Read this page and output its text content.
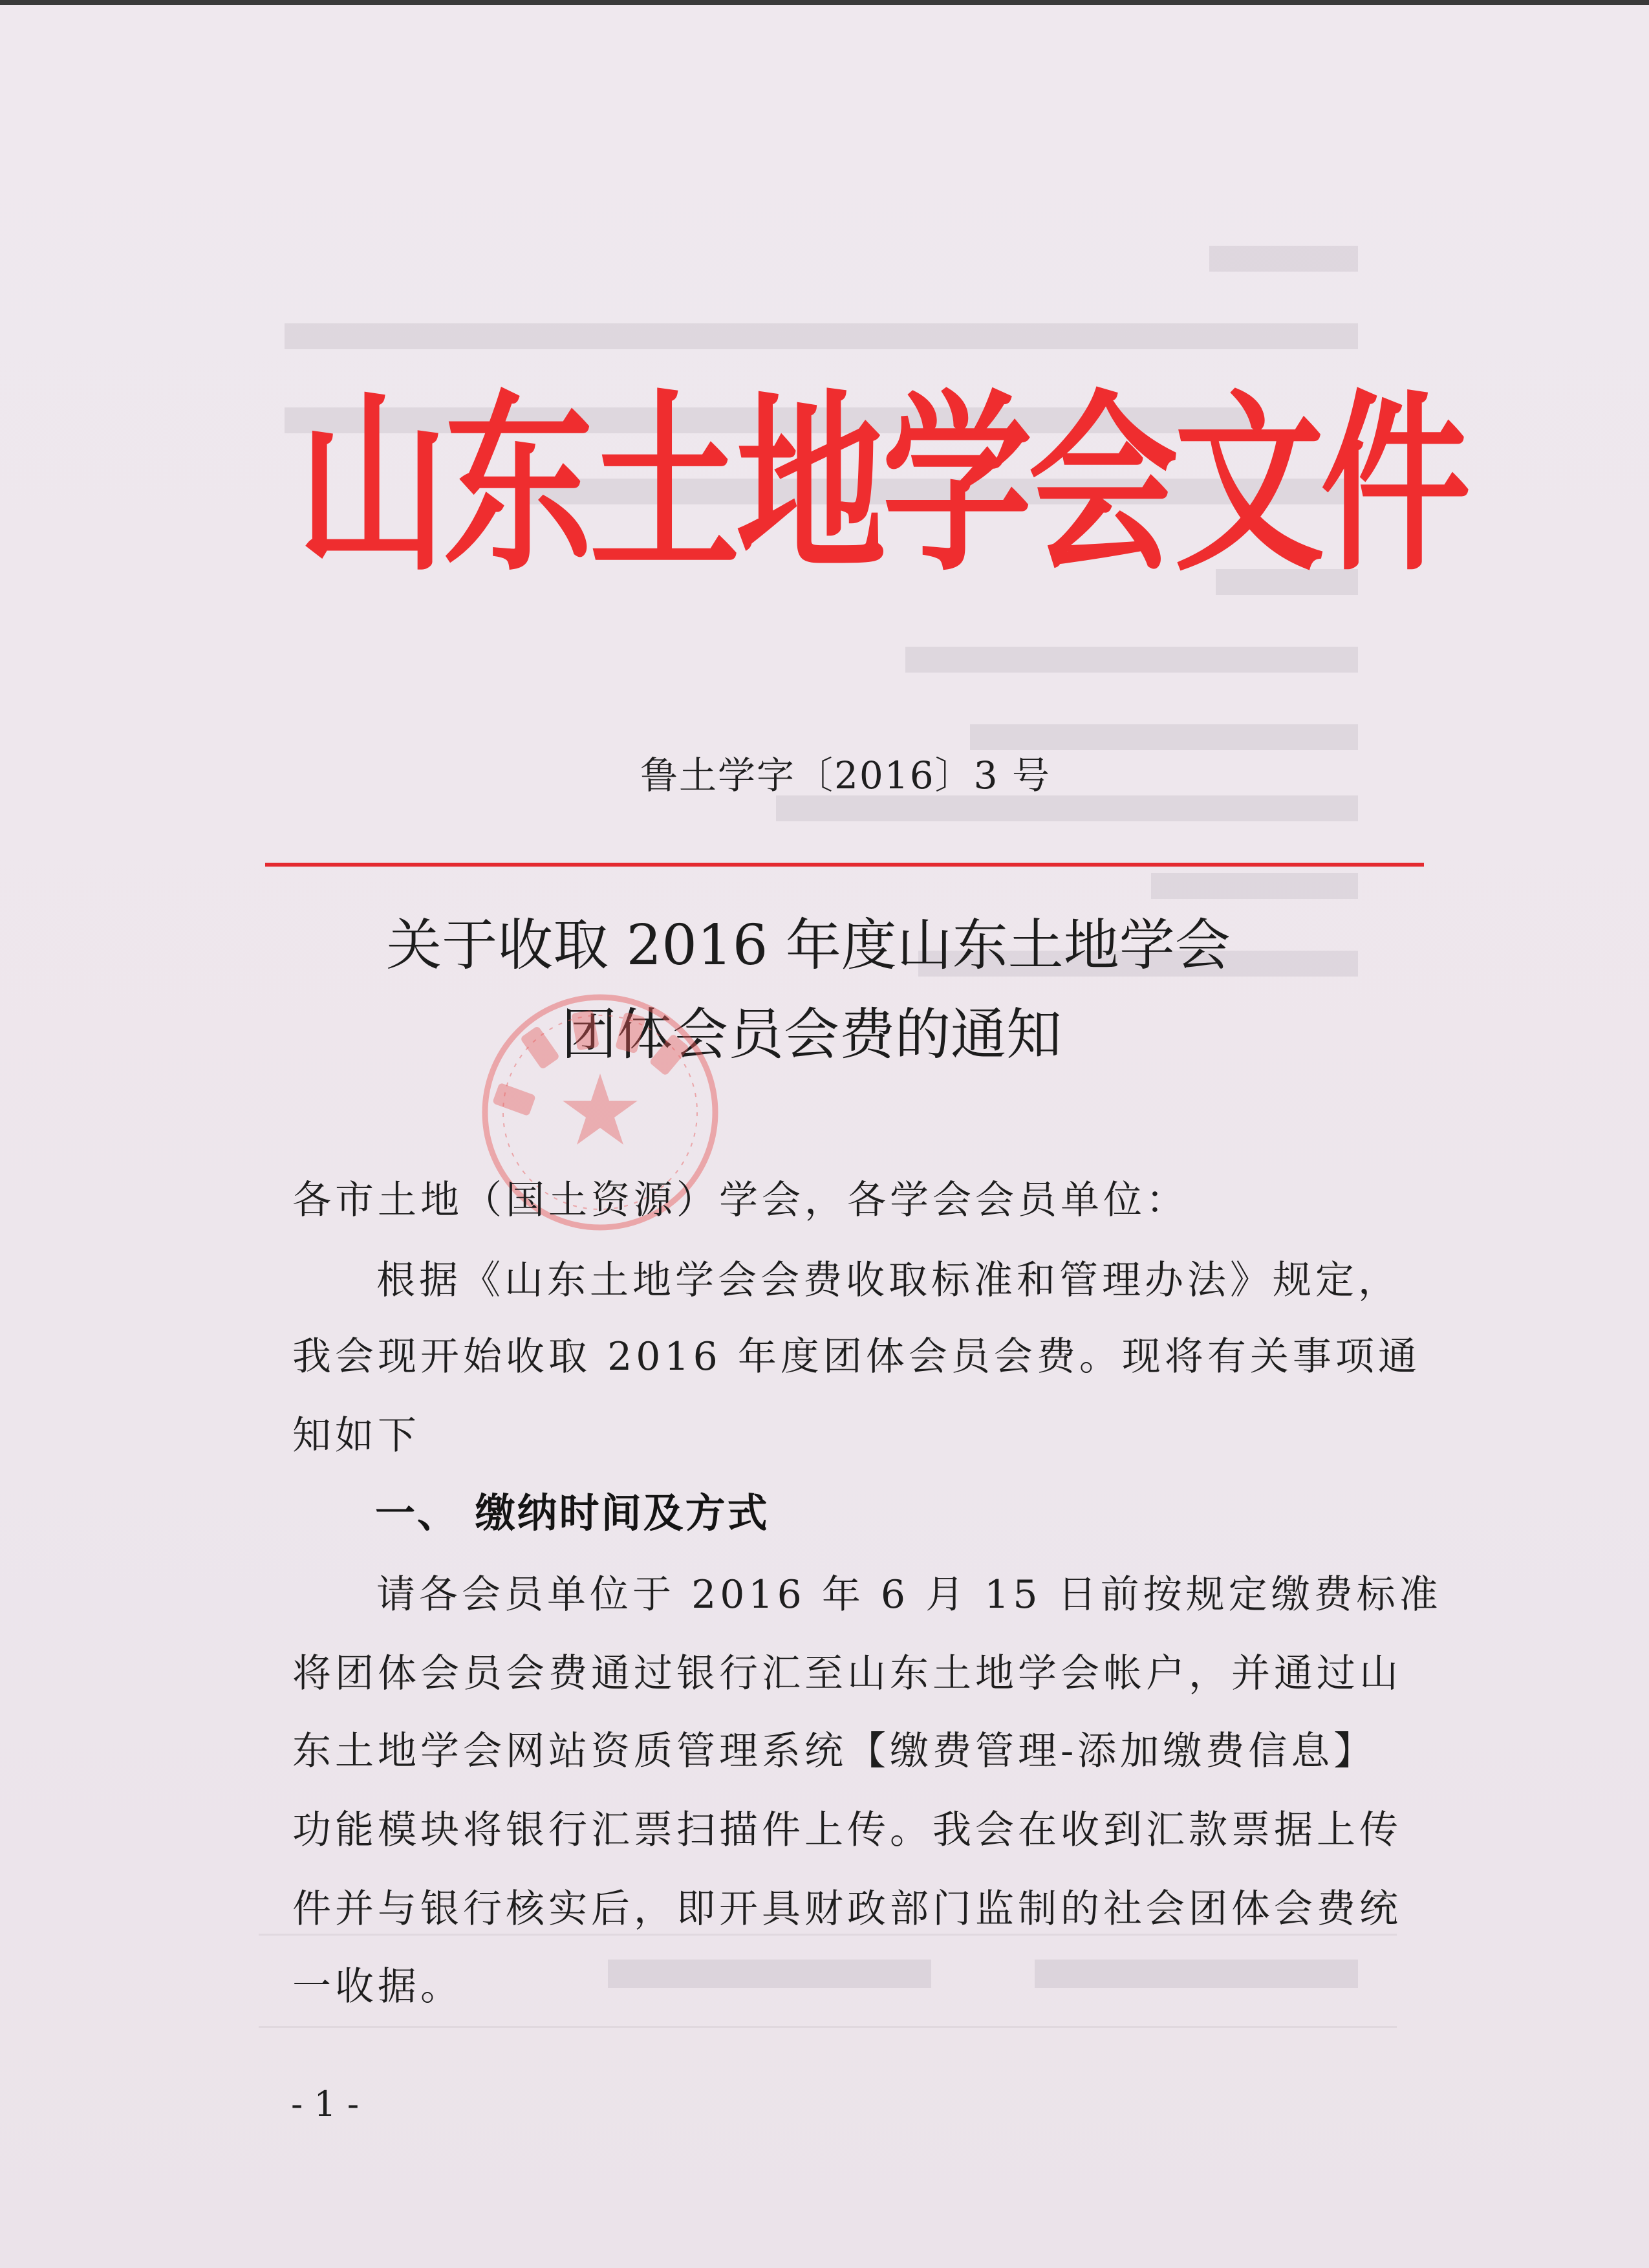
山东土地学会文件
鲁土学字〔2016〕3 号
关于收取 2016 年度山东土地学会
团体会员会费的通知
各市土地（国土资源）学会，各学会会员单位：
根据《山东土地学会会费收取标准和管理办法》规定，
我会现开始收取 2016 年度团体会员会费。现将有关事项通
知如下
一、 缴纳时间及方式
请各会员单位于 2016 年 6 月 15 日前按规定缴费标准
将团体会员会费通过银行汇至山东土地学会帐户，并通过山
东土地学会网站资质管理系统【缴费管理-添加缴费信息】
功能模块将银行汇票扫描件上传。我会在收到汇款票据上传
件并与银行核实后，即开具财政部门监制的社会团体会费统
一收据。
- 1 -
